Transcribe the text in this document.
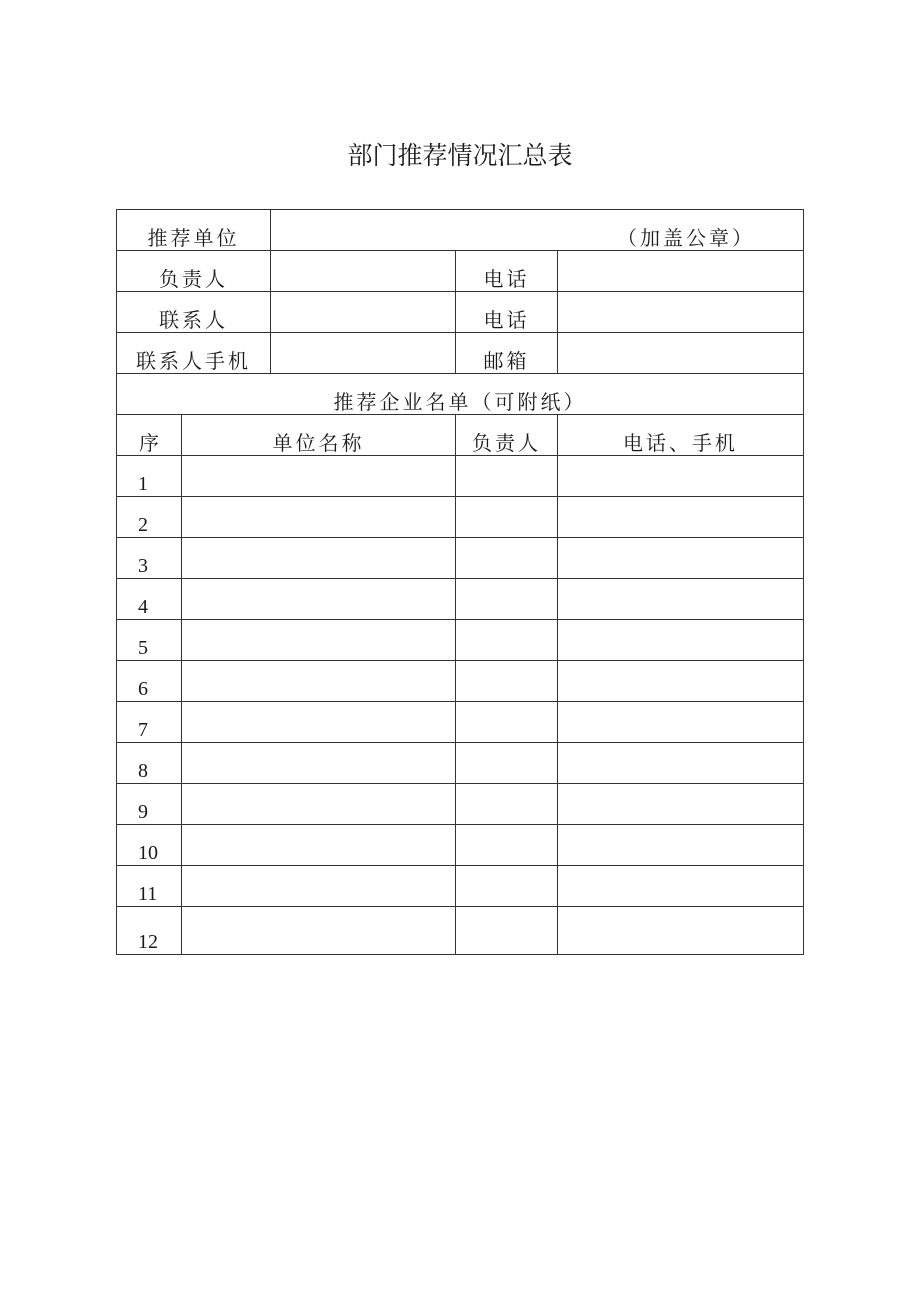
部门推荐情况汇总表
推荐单位		（加盖公章）		
负责人			电话	
联系人			电话	
联系人手机			邮箱	
推荐企业名单（可附纸）				
序	单位名称		负责人	电话、手机
1				
2				
3				
4				
5				
6				
7				
8				
9				
10				
11				
12				
